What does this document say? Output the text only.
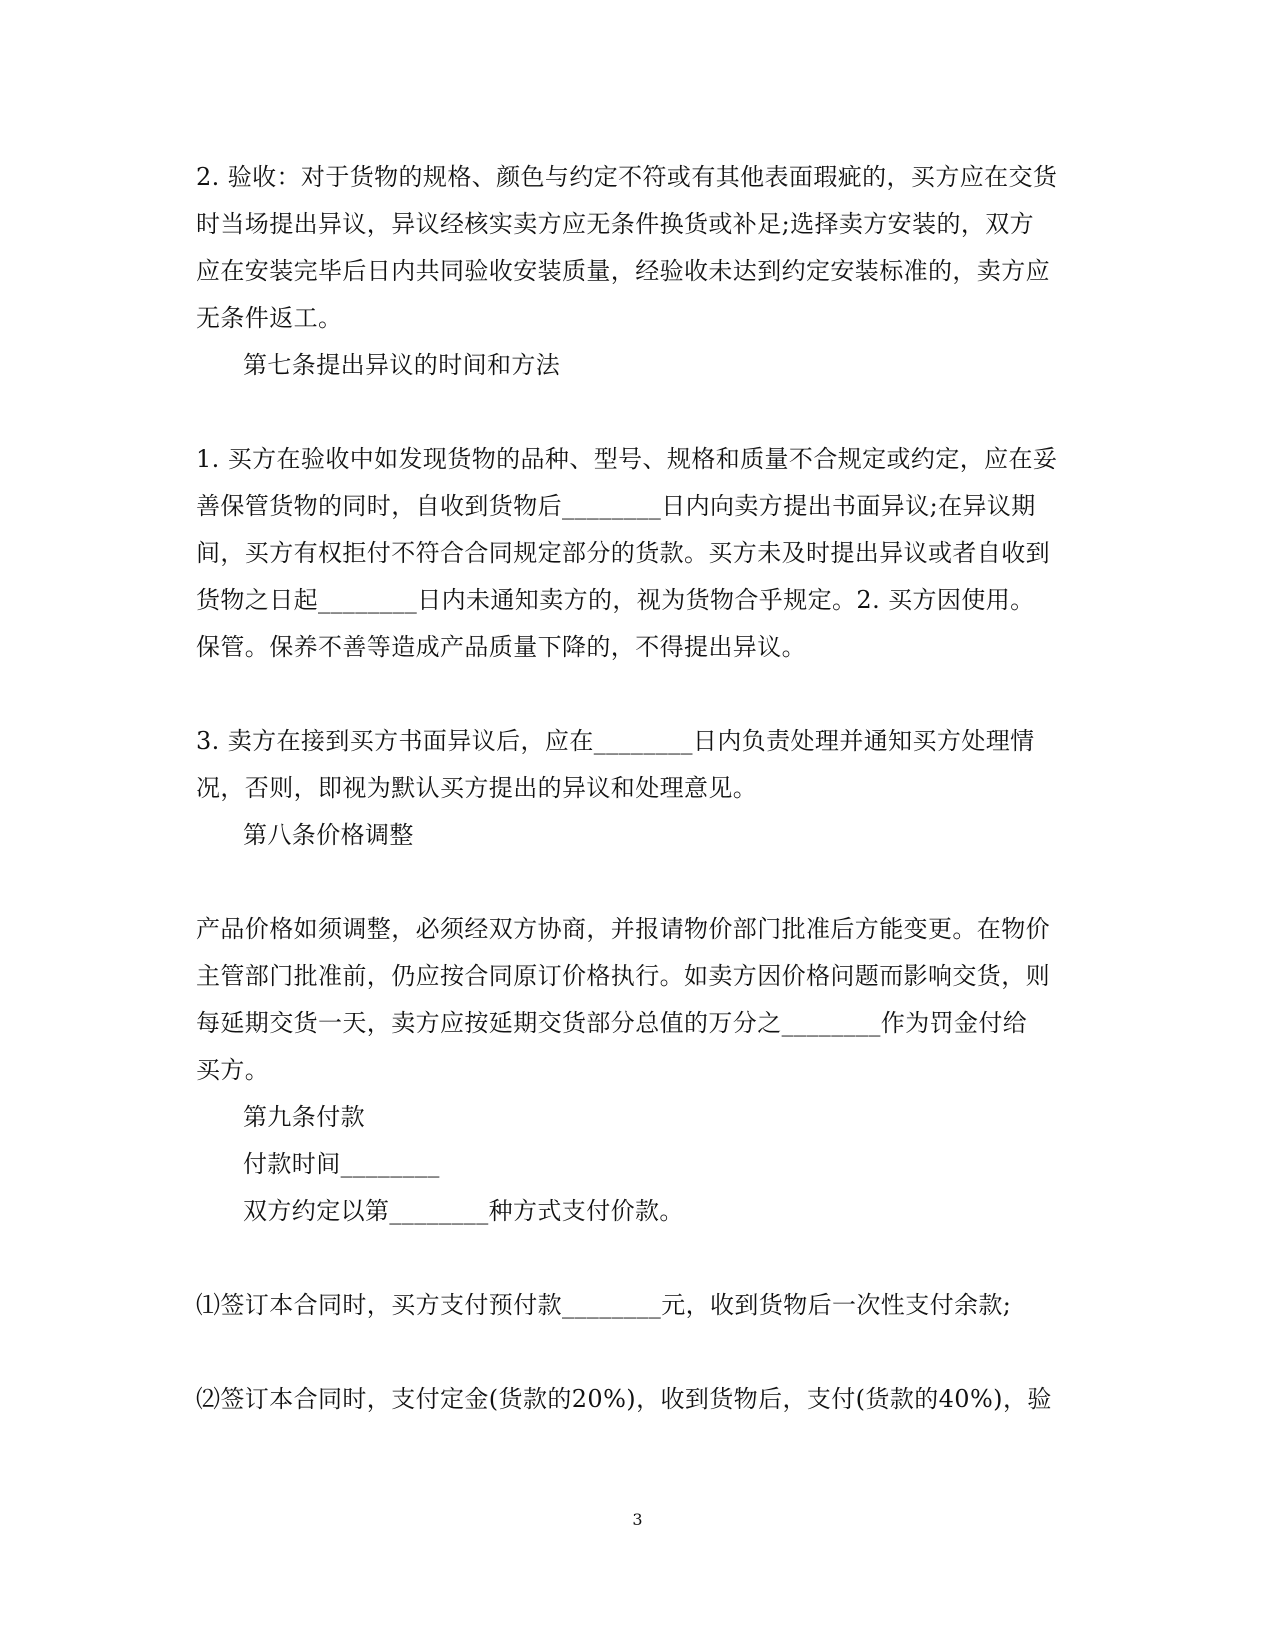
2. 验收：对于货物的规格、颜色与约定不符或有其他表面瑕疵的，买方应在交货
时当场提出异议，异议经核实卖方应无条件换货或补足;选择卖方安装的，双方
应在安装完毕后日内共同验收安装质量，经验收未达到约定安装标准的，卖方应
无条件返工。
第七条提出异议的时间和方法
1. 买方在验收中如发现货物的品种、型号、规格和质量不合规定或约定，应在妥
善保管货物的同时，自收到货物后________日内向卖方提出书面异议;在异议期
间，买方有权拒付不符合合同规定部分的货款。买方未及时提出异议或者自收到
货物之日起________日内未通知卖方的，视为货物合乎规定。2. 买方因使用。
保管。保养不善等造成产品质量下降的，不得提出异议。
3. 卖方在接到买方书面异议后，应在________日内负责处理并通知买方处理情
况，否则，即视为默认买方提出的异议和处理意见。
第八条价格调整
产品价格如须调整，必须经双方协商，并报请物价部门批准后方能变更。在物价
主管部门批准前，仍应按合同原订价格执行。如卖方因价格问题而影响交货，则
每延期交货一天，卖方应按延期交货部分总值的万分之________作为罚金付给
买方。
第九条付款
付款时间________
双方约定以第________种方式支付价款。
⑴签订本合同时，买方支付预付款________元，收到货物后一次性支付余款;
⑵签订本合同时，支付定金(货款的20%)，收到货物后，支付(货款的40%)，验
3
